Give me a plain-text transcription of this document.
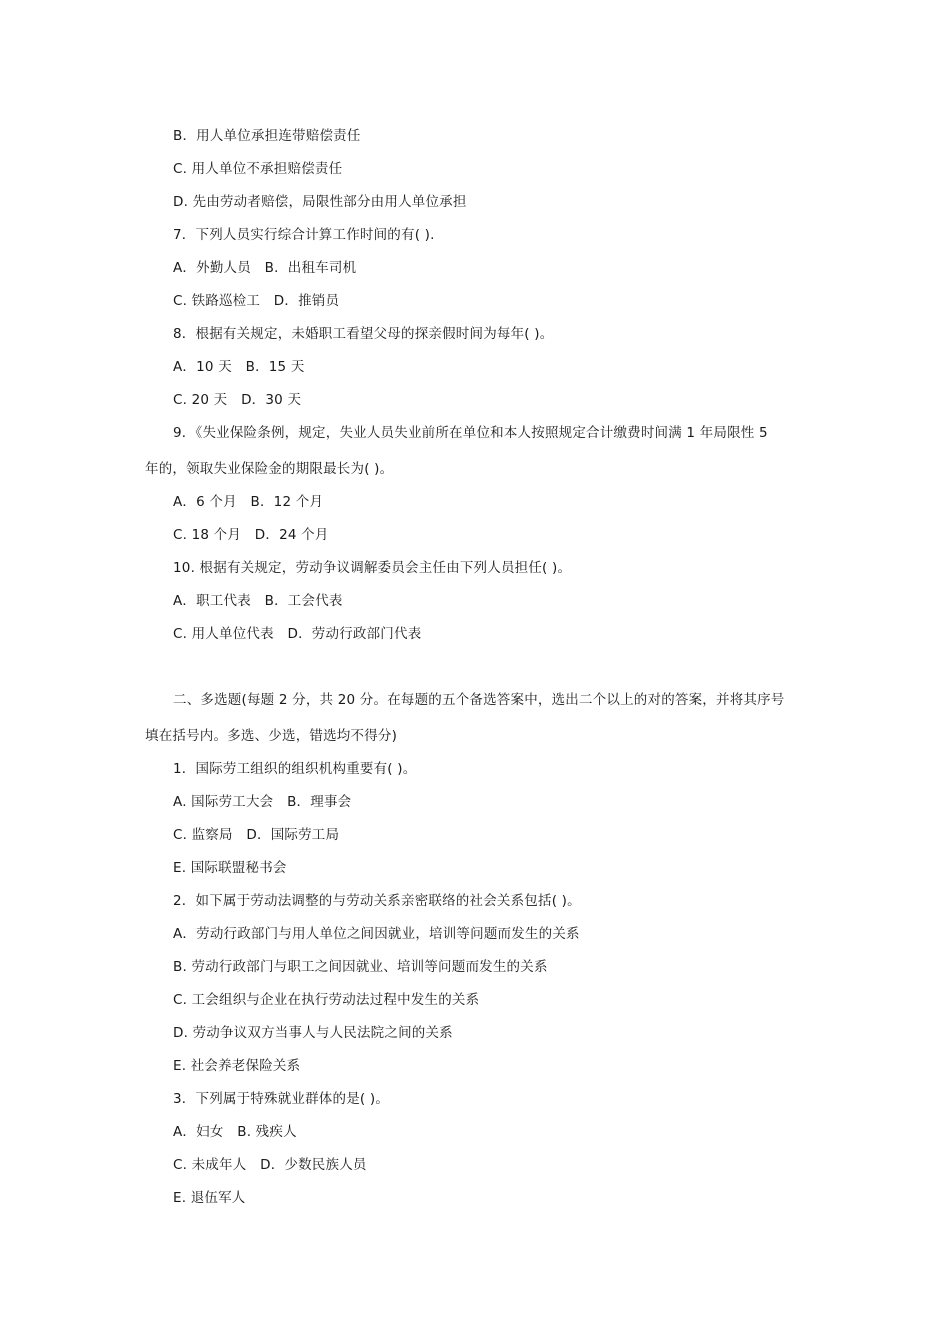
B．用人单位承担连带赔偿责任
C. 用人单位不承担赔偿责任
D. 先由劳动者赔偿，局限性部分由用人单位承担
7．下列人员实行综合计算工作时间的有( ).
A．外勤人员　B．出租车司机
C. 铁路巡检工　D．推销员
8．根据有关规定，未婚职工看望父母的探亲假时间为每年( )。
A．10 天　B．15 天
C. 20 天　D．30 天
9．《失业保险条例，规定，失业人员失业前所在单位和本人按照规定合计缴费时间满 1 年局限性 5
年的，领取失业保险金的期限最长为( )。
A．6 个月　B．12 个月
C. 18 个月　D．24 个月
10. 根据有关规定，劳动争议调解委员会主任由下列人员担任( )。
A．职工代表　B．工会代表
C. 用人单位代表　D．劳动行政部门代表
二、多选题(每题 2 分，共 20 分。在每题的五个备选答案中，选出二个以上的对的答案，并将其序号
填在括号内。多选、少选，错选均不得分)
1．国际劳工组织的组织机构重要有( )。
A. 国际劳工大会　B．理事会
C. 监察局　D．国际劳工局
E. 国际联盟秘书会
2．如下属于劳动法调整的与劳动关系亲密联络的社会关系包括( )。
A．劳动行政部门与用人单位之间因就业，培训等问题而发生的关系
B. 劳动行政部门与职工之间因就业、培训等问题而发生的关系
C. 工会组织与企业在执行劳动法过程中发生的关系
D. 劳动争议双方当事人与人民法院之间的关系
E. 社会养老保险关系
3．下列属于特殊就业群体的是( )。
A．妇女　B. 残疾人
C. 未成年人　D．少数民族人员
E. 退伍军人
